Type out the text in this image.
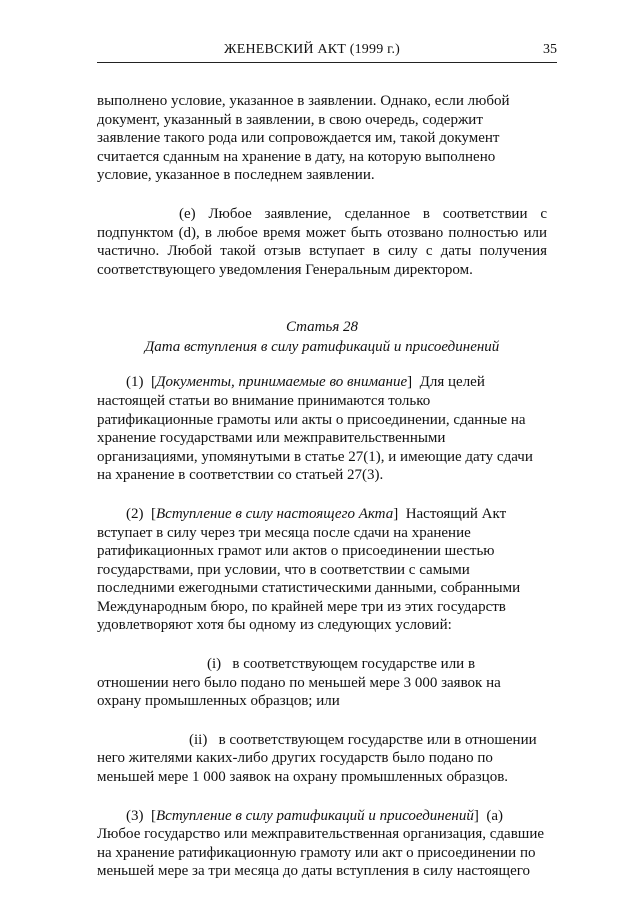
ЖЕНЕВСКИЙ АКТ (1999 г.)	35

выполнено условие, указанное в заявлении. Однако, если любой документ, указанный в заявлении, в свою очередь, содержит заявление такого рода или сопровождается им, такой документ считается сданным на хранение в дату, на которую выполнено условие, указанное в последнем заявлении.

(e) Любое заявление, сделанное в соответствии с подпунктом (d), в любое время может быть отозвано полностью или частично. Любой такой отзыв вступает в силу с даты получения соответствующего уведомления Генеральным директором.

Статья 28

Дата вступления в силу ратификаций и присоединений

(1)  [Документы, принимаемые во внимание]  Для целей настоящей статьи во внимание принимаются только ратификационные грамоты или акты о присоединении, сданные на хранение государствами или межправительственными организациями, упомянутыми в статье 27(1), и имеющие дату сдачи на хранение в соответствии со статьей 27(3).

(2)  [Вступление в силу настоящего Акта]  Настоящий Акт вступает в силу через три месяца после сдачи на хранение ратификационных грамот или актов о присоединении шестью государствами, при условии, что в соответствии с самыми последними ежегодными статистическими данными, собранными Международным бюро, по крайней мере три из этих государств удовлетворяют хотя бы одному из следующих условий:

(i) в соответствующем государстве или в отношении него было подано по меньшей мере 3 000 заявок на охрану промышленных образцов; или

(ii) в соответствующем государстве или в отношении него жителями каких-либо других государств было подано по меньшей мере 1 000 заявок на охрану промышленных образцов.

(3)  [Вступление в силу ратификаций и присоединений]  (a) Любое государство или межправительственная организация, сдавшие на хранение ратификационную грамоту или акт о присоединении по меньшей мере за три месяца до даты вступления в силу настоящего
